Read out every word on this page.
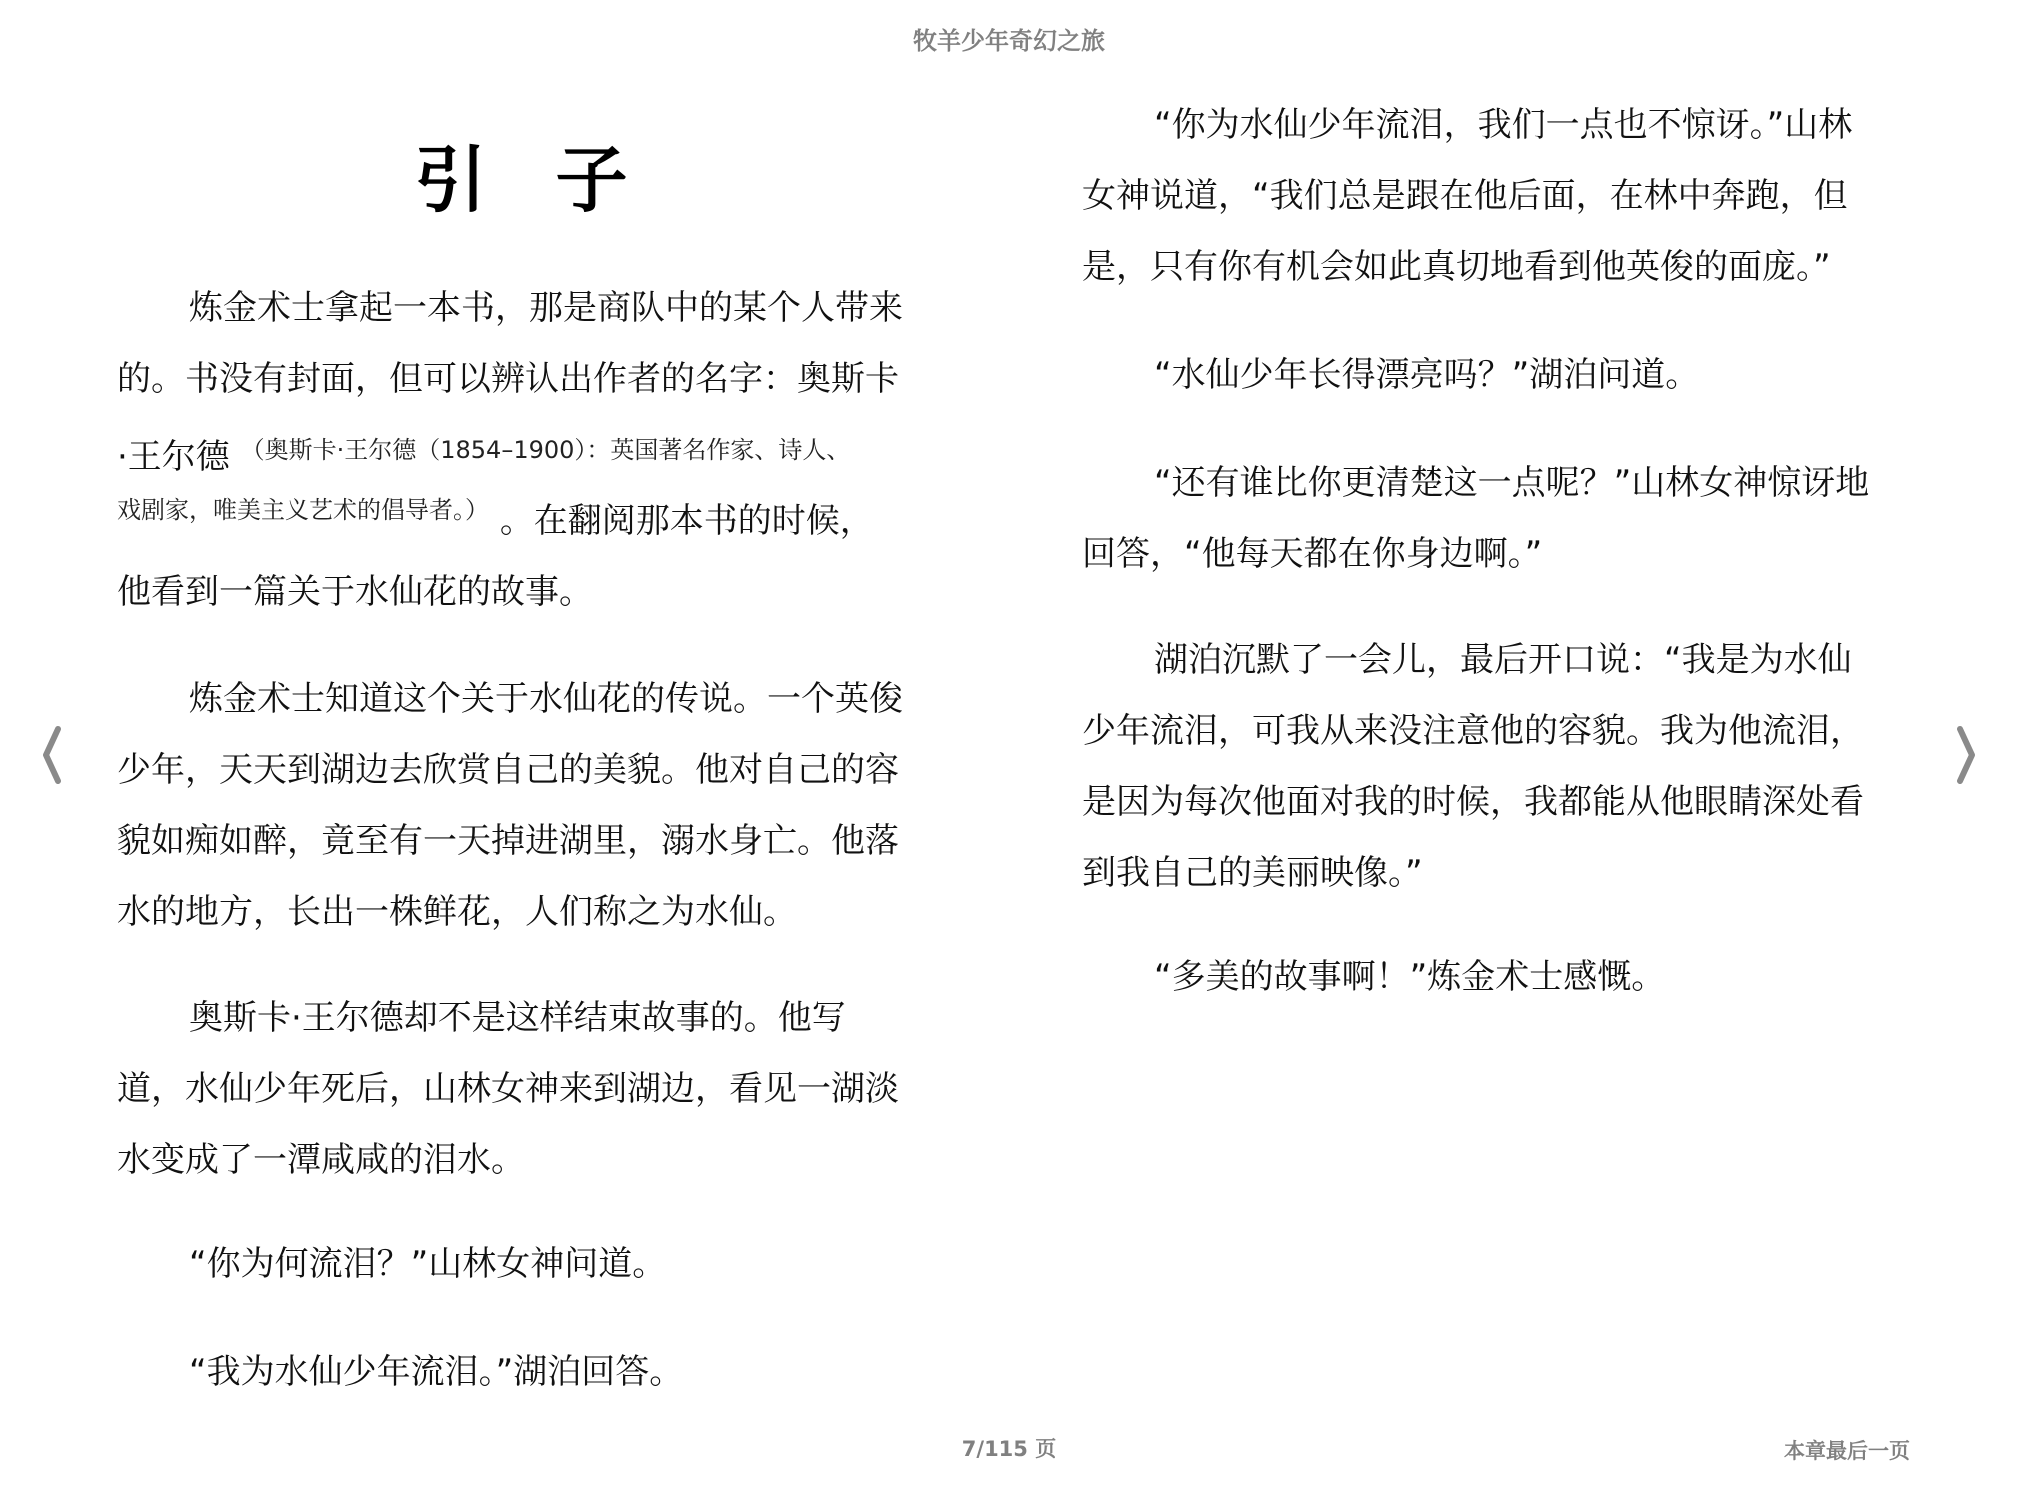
牧羊少年奇幻之旅
引 子
炼金术士拿起一本书，那是商队中的某个人带来
的。书没有封面，但可以辨认出作者的名字：奥斯卡
·王尔德 $^{(奥斯卡\cdot 王尔德(1854-1900):英国著名作家、诗人、}$
$^{戏剧家,唯美主义艺术的倡导者。)}$ 。在翻阅那本书的时候，
他看到一篇关于水仙花的故事。
炼金术士知道这个关于水仙花的传说。一个英俊
少年，天天到湖边去欣赏自己的美貌。他对自己的容
貌如痴如醉，竟至有一天掉进湖里，溺水身亡。他落
水的地方，长出一株鲜花，人们称之为水仙。
奥斯卡·王尔德却不是这样结束故事的。他写
道，水仙少年死后，山林女神来到湖边，看见一湖淡
水变成了一潭咸咸的泪水。
“你为何流泪？”山林女神问道。
“我为水仙少年流泪。”湖泊回答。
“你为水仙少年流泪，我们一点也不惊讶。”山林
女神说道，“我们总是跟在他后面，在林中奔跑，但
是，只有你有机会如此真切地看到他英俊的面庞。”
“水仙少年长得漂亮吗？”湖泊问道。
“还有谁比你更清楚这一点呢？”山林女神惊讶地
回答，“他每天都在你身边啊。”
湖泊沉默了一会儿，最后开口说：“我是为水仙
少年流泪，可我从来没注意他的容貌。我为他流泪，
是因为每次他面对我的时候，我都能从他眼睛深处看
到我自己的美丽映像。”
“多美的故事啊！”炼金术士感慨。
7/115 页	本章最后一页
